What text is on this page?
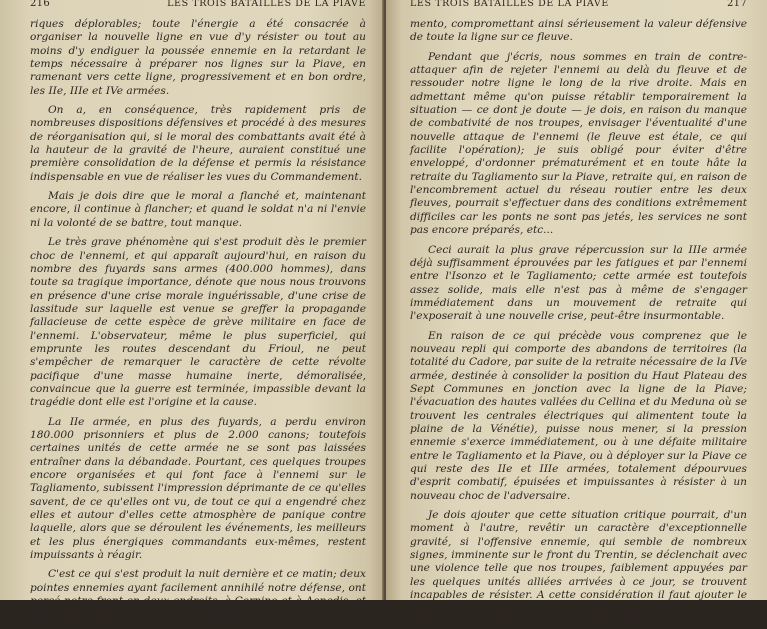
216	LES TROIS BATAILLES DE LA PIAVE

riques déplorables; toute l'énergie a été consacrée à organiser la nouvelle ligne en vue d'y résister ou tout au moins d'y endiguer la poussée ennemie en la retardant le temps nécessaire à préparer nos lignes sur la Piave, en ramenant vers cette ligne, progressivement et en bon ordre, les IIe, IIIe et IVe armées.

On a, en conséquence, très rapidement pris de nombreuses dispositions défensives et procédé à des mesures de réorganisation qui, si le moral des combattants avait été à la hauteur de la gravité de l'heure, auraient constitué une première consolidation de la défense et permis la résistance indispensable en vue de réaliser les vues du Commandement.

Mais je dois dire que le moral a flanché et, maintenant encore, il continue à flancher; et quand le soldat n'a ni l'envie ni la volonté de se battre, tout manque.

Le très grave phénomène qui s'est produit dès le premier choc de l'ennemi, et qui apparaît aujourd'hui, en raison du nombre des fuyards sans armes (400.000 hommes), dans toute sa tragique importance, dénote que nous nous trouvons en présence d'une crise morale inguérissable, d'une crise de lassitude sur laquelle est venue se greffer la propagande fallacieuse de cette espèce de grève militaire en face de l'ennemi. L'observateur, même le plus superficiel, qui emprunte les routes descendant du Frioul, ne peut s'empêcher de remarquer le caractère de cette révolte pacifique d'une masse humaine inerte, démoralisée, convaincue que la guerre est terminée, impassible devant la tragédie dont elle est l'origine et la cause.

La IIe armée, en plus des fuyards, a perdu environ 180.000 prisonniers et plus de 2.000 canons; toutefois certaines unités de cette armée ne se sont pas laissées entraîner dans la débandade. Pourtant, ces quelques troupes encore organisées et qui font face à l'ennemi sur le Tagliamento, subissent l'impression déprimante de ce qu'elles savent, de ce qu'elles ont vu, de tout ce qui a engendré chez elles et autour d'elles cette atmosphère de panique contre laquelle, alors que se déroulent les événements, les meilleurs et les plus énergiques commandants eux-mêmes, restent impuissants à réagir.

C'est ce qui s'est produit la nuit dernière et ce matin; deux pointes ennemies ayant facilement annihilé notre défense, ont percé notre front en deux endroits, à Cornino et à Aonedis, et ont débordé sur la rive droite du Taglia-

LES TROIS BATAILLES DE LA PIAVE	217

mento, compromettant ainsi sérieusement la valeur défensive de toute la ligne sur ce fleuve.

Pendant que j'écris, nous sommes en train de contre-attaquer afin de rejeter l'ennemi au delà du fleuve et de ressouder notre ligne le long de la rive droite. Mais en admettant même qu'on puisse rétablir temporairement la situation — ce dont je doute — je dois, en raison du manque de combativité de nos troupes, envisager l'éventualité d'une nouvelle attaque de l'ennemi (le fleuve est étale, ce qui facilite l'opération); je suis obligé pour éviter d'être enveloppé, d'ordonner prématurément et en toute hâte la retraite du Tagliamento sur la Piave, retraite qui, en raison de l'encombrement actuel du réseau routier entre les deux fleuves, pourrait s'effectuer dans des conditions extrêmement difficiles car les ponts ne sont pas jetés, les services ne sont pas encore préparés, etc...

Ceci aurait la plus grave répercussion sur la IIIe armée déjà suffisamment éprouvées par les fatigues et par l'ennemi entre l'Isonzo et le Tagliamento; cette armée est toutefois assez solide, mais elle n'est pas à même de s'engager immédiatement dans un mouvement de retraite qui l'exposerait à une nouvelle crise, peut-être insurmontable.

En raison de ce qui précède vous comprenez que le nouveau repli qui comporte des abandons de territoires (la totalité du Cadore, par suite de la retraite nécessaire de la IVe armée, destinée à consolider la position du Haut Plateau des Sept Communes en jonction avec la ligne de la Piave; l'évacuation des hautes vallées du Cellina et du Meduna où se trouvent les centrales électriques qui alimentent toute la plaine de la Vénétie), puisse nous mener, si la pression ennemie s'exerce immédiatement, ou à une défaite militaire entre le Tagliamento et la Piave, ou à déployer sur la Piave ce qui reste des IIe et IIIe armées, totalement dépourvues d'esprit combatif, épuisées et impuissantes à résister à un nouveau choc de l'adversaire.

Je dois ajouter que cette situation critique pourrait, d'un moment à l'autre, revêtir un caractère d'exceptionnelle gravité, si l'offensive ennemie, qui semble de nombreux signes, imminente sur le front du Trentin, se déclenchait avec une violence telle que nos troupes, faiblement appuyées par les quelques unités alliées arrivées à ce jour, se trouvent incapables de résister. A cette considération il faut ajouter le fait que personne ne sait aujourd'hui, après ce qui s'est produit, quelle est l'étendue exacte des ravages de
